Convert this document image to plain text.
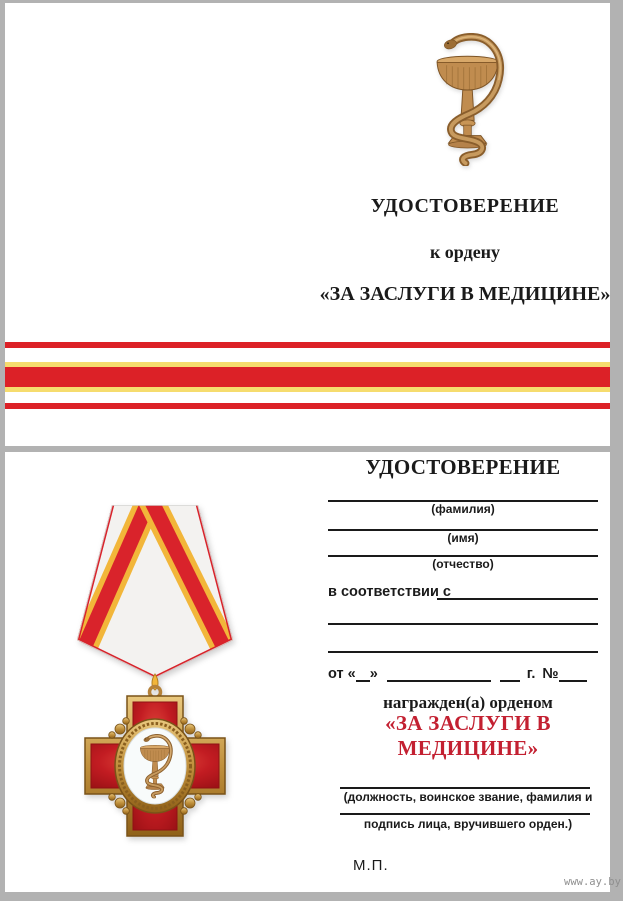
УДОСТОВЕРЕНИЕ
к ордену
«ЗА ЗАСЛУГИ В МЕДИЦИНЕ»
УДОСТОВЕРЕНИЕ
(фамилия)
(имя)
(отчество)
в соответствии с
от « »	г. №
награжден(а) орденом
«ЗА ЗАСЛУГИ В МЕДИЦИНЕ»
(должность, воинское звание, фамилия и
подпись лица, вручившего орден.)
М.П.
www.ay.by
